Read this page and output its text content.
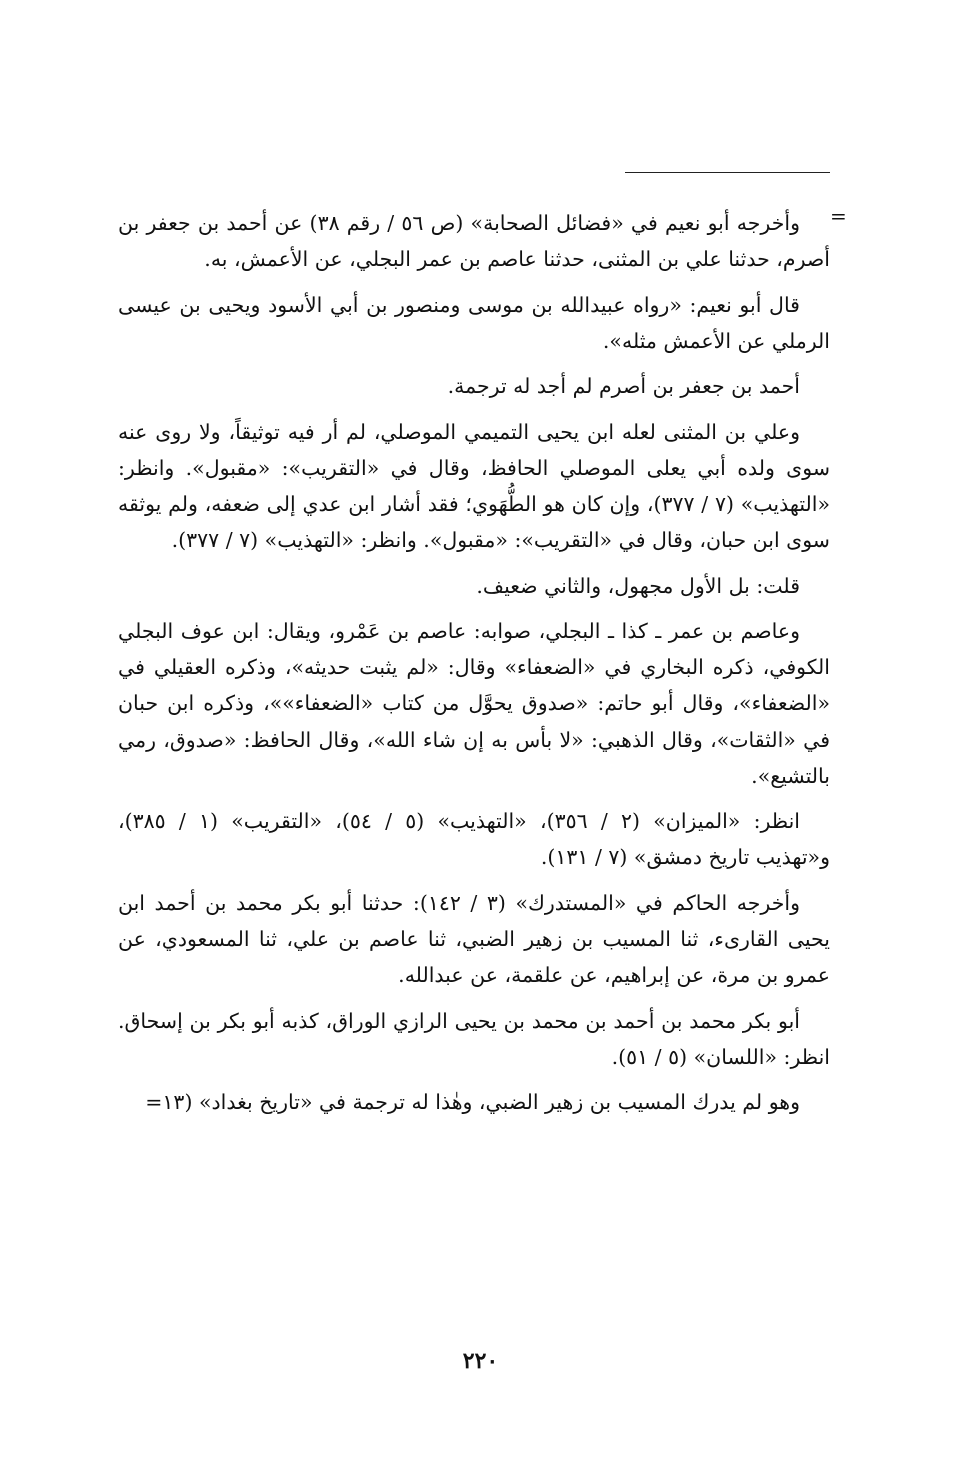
=

وأخرجه أبو نعيم في «فضائل الصحابة» (ص ٥٦ / رقم ٣٨) عن أحمد بن جعفر بن أصرم، حدثنا علي بن المثنى، حدثنا عاصم بن عمر البجلي، عن الأعمش، به.

قال أبو نعيم: «رواه عبيدالله بن موسى ومنصور بن أبي الأسود ويحيى بن عيسى الرملي عن الأعمش مثله».

أحمد بن جعفر بن أصرم لم أجد له ترجمة.

وعلي بن المثنى لعله ابن يحيى التميمي الموصلي، لم أر فيه توثيقاً، ولا روى عنه سوى ولده أبي يعلى الموصلي الحافظ، وقال في «التقريب»: «مقبول». وانظر: «التهذيب» (٧ / ٣٧٧)، وإن كان هو الطُّهَوي؛ فقد أشار ابن عدي إلى ضعفه، ولم يوثقه سوى ابن حبان، وقال في «التقريب»: «مقبول». وانظر: «التهذيب» (٧ / ٣٧٧).

قلت: بل الأول مجهول، والثاني ضعيف.

وعاصم بن عمر ـ كذا ـ البجلي، صوابه: عاصم بن عَمْرو، ويقال: ابن عوف البجلي الكوفي، ذكره البخاري في «الضعفاء» وقال: «لم يثبت حديثه»، وذكره العقيلي في «الضعفاء»، وقال أبو حاتم: «صدوق يحوَّل من كتاب «الضعفاء»»، وذكره ابن حبان في «الثقات»، وقال الذهبي: «لا بأس به إن شاء الله»، وقال الحافظ: «صدوق، رمي بالتشيع».

انظر: «الميزان» (٢ / ٣٥٦)، «التهذيب» (٥ / ٥٤)، «التقريب» (١ / ٣٨٥)، و«تهذيب تاريخ دمشق» (٧ / ١٣١).

وأخرجه الحاكم في «المستدرك» (٣ / ١٤٢): حدثنا أبو بكر محمد بن أحمد ابن يحيى القارىء، ثنا المسيب بن زهير الضبي، ثنا عاصم بن علي، ثنا المسعودي، عن عمرو بن مرة، عن إبراهيم، عن علقمة، عن عبدالله.

أبو بكر محمد بن أحمد بن محمد بن يحيى الرازي الوراق، كذبه أبو بكر بن إسحاق. انظر: «اللسان» (٥ / ٥١).

وهو لم يدرك المسيب بن زهير الضبي، وهٰذا له ترجمة في «تاريخ بغداد» (١٣=

٢٢٠
